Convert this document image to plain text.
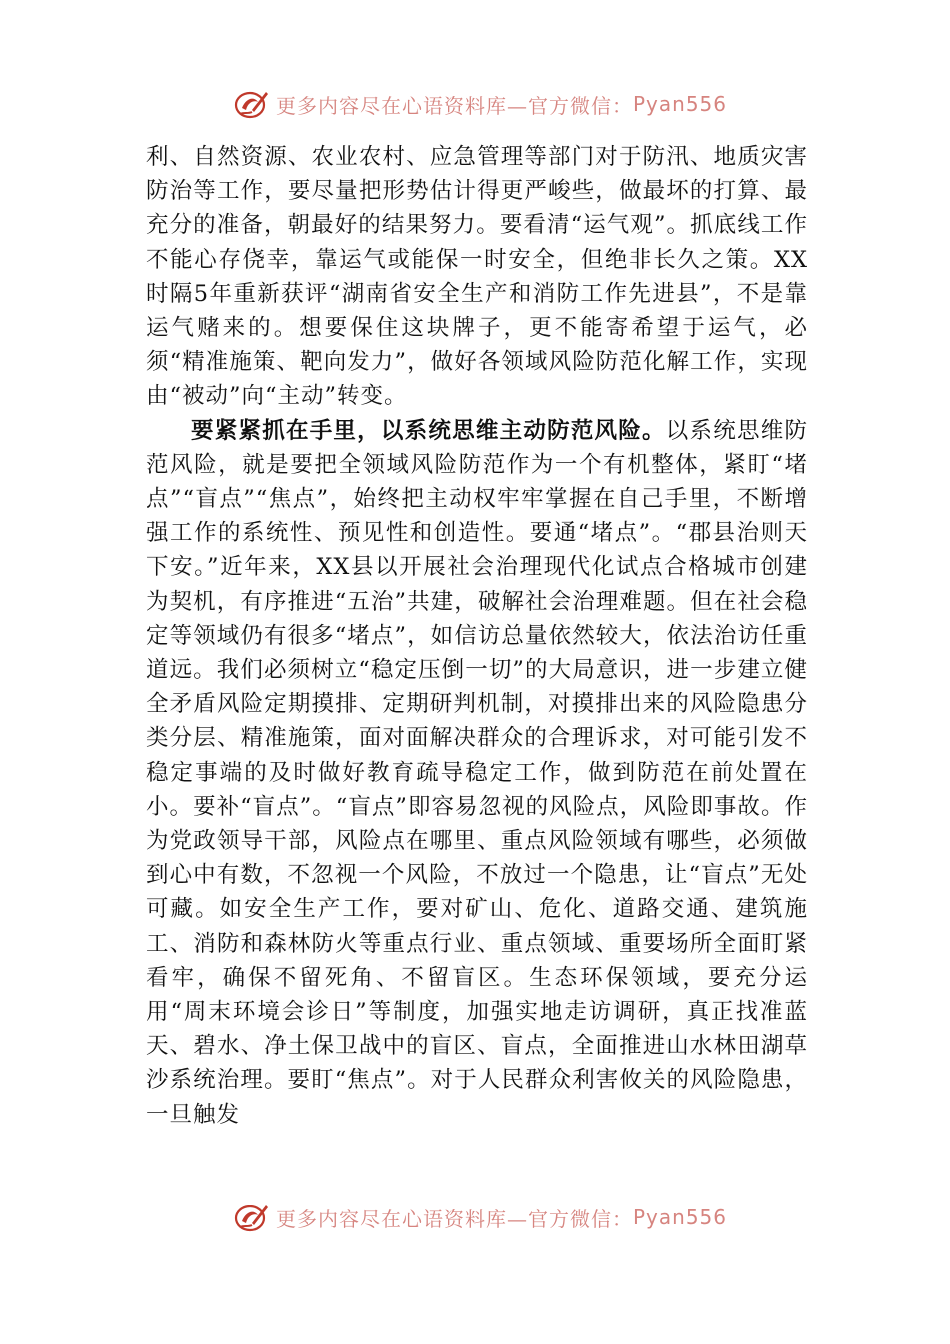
更多内容尽在心语资料库—官方微信： Pyan556

利、自然资源、农业农村、应急管理等部门对于防汛、地质灾害防治等工作，要尽量把形势估计得更严峻些，做最坏的打算、最充分的准备，朝最好的结果努力。要看清“运气观”。抓底线工作不能心存侥幸，靠运气或能保一时安全，但绝非长久之策。XX时隔5年重新获评“湖南省安全生产和消防工作先进县”，不是靠运气赌来的。想要保住这块牌子，更不能寄希望于运气，必须“精准施策、靶向发力”，做好各领域风险防范化解工作，实现由“被动”向“主动”转变。

要紧紧抓在手里，以系统思维主动防范风险。以系统思维防范风险，就是要把全领域风险防范作为一个有机整体，紧盯“堵点”“盲点”“焦点”，始终把主动权牢牢掌握在自己手里，不断增强工作的系统性、预见性和创造性。要通“堵点”。“郡县治则天下安。”近年来，XX县以开展社会治理现代化试点合格城市创建为契机，有序推进“五治”共建，破解社会治理难题。但在社会稳定等领域仍有很多“堵点”，如信访总量依然较大，依法治访任重道远。我们必须树立“稳定压倒一切”的大局意识，进一步建立健全矛盾风险定期摸排、定期研判机制，对摸排出来的风险隐患分类分层、精准施策，面对面解决群众的合理诉求，对可能引发不稳定事端的及时做好教育疏导稳定工作，做到防范在前处置在小。要补“盲点”。“盲点”即容易忽视的风险点，风险即事故。作为党政领导干部，风险点在哪里、重点风险领域有哪些，必须做到心中有数，不忽视一个风险，不放过一个隐患，让“盲点”无处可藏。如安全生产工作，要对矿山、危化、道路交通、建筑施工、消防和森林防火等重点行业、重点领域、重要场所全面盯紧看牢，确保不留死角、不留盲区。生态环保领域，要充分运用“周末环境会诊日”等制度，加强实地走访调研，真正找准蓝天、碧水、净土保卫战中的盲区、盲点，全面推进山水林田湖草沙系统治理。要盯“焦点”。对于人民群众利害攸关的风险隐患，一旦触发

更多内容尽在心语资料库—官方微信： Pyan556
